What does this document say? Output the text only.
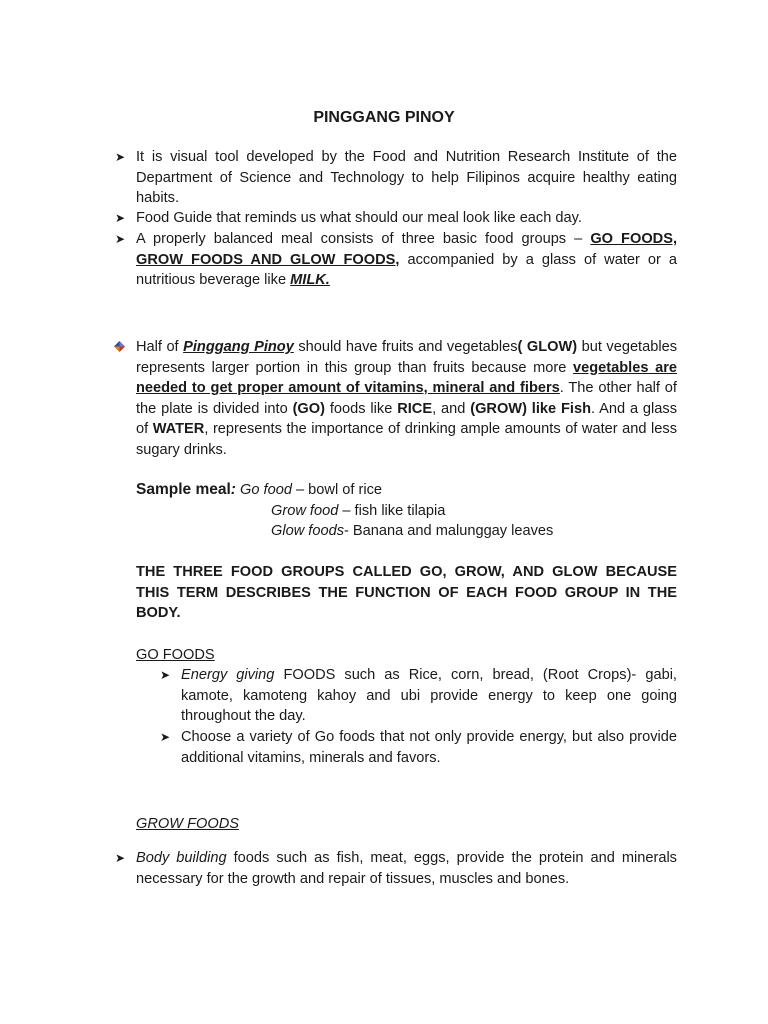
PINGGANG PINOY

➤ It is visual tool developed by the Food and Nutrition Research Institute of the Department of Science and Technology to help Filipinos acquire healthy eating habits.

➤ Food Guide that reminds us what should our meal look like each day.

➤ A properly balanced meal consists of three basic food groups – GO FOODS, GROW FOODS AND GLOW FOODS, accompanied by a glass of water or a nutritious beverage like MILK.

Half of Pinggang Pinoy should have fruits and vegetables( GLOW) but vegetables represents larger portion in this group than fruits because more vegetables are needed to get proper amount of vitamins, mineral and fibers. The other half of the plate is divided into (GO) foods like RICE, and (GROW) like Fish. And a glass of WATER, represents the importance of drinking ample amounts of water and less sugary drinks.

Sample meal: Go food – bowl of rice

Grow food – fish like tilapia

Glow foods- Banana and malunggay leaves

THE THREE FOOD GROUPS CALLED GO, GROW, AND GLOW BECAUSE THIS TERM DESCRIBES THE FUNCTION OF EACH FOOD GROUP IN THE BODY.

GO FOODS

➤ Energy giving FOODS such as Rice, corn, bread, (Root Crops)- gabi, kamote, kamoteng kahoy and ubi provide energy to keep one going throughout the day.

➤ Choose a variety of Go foods that not only provide energy, but also provide additional vitamins, minerals and favors.

GROW FOODS

➤ Body building foods such as fish, meat, eggs, provide the protein and minerals necessary for the growth and repair of tissues, muscles and bones.
